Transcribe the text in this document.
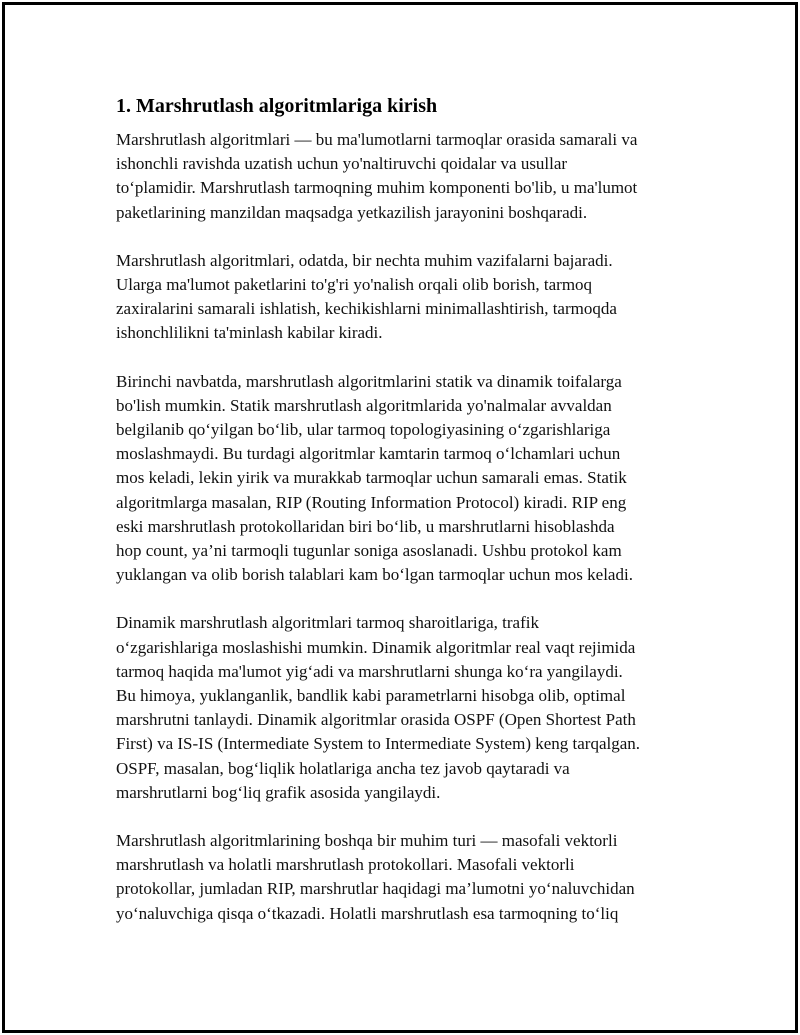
1. Marshrutlash algoritmlariga kirish

Marshrutlash algoritmlari — bu ma'lumotlarni tarmoqlar orasida samarali va
ishonchli ravishda uzatish uchun yo'naltiruvchi qoidalar va usullar
to‘plamidir. Marshrutlash tarmoqning muhim komponenti bo'lib, u ma'lumot
paketlarining manzildan maqsadga yetkazilish jarayonini boshqaradi.

Marshrutlash algoritmlari, odatda, bir nechta muhim vazifalarni bajaradi.
Ularga ma'lumot paketlarini to'g'ri yo'nalish orqali olib borish, tarmoq
zaxiralarini samarali ishlatish, kechikishlarni minimallashtirish, tarmoqda
ishonchlilikni ta'minlash kabilar kiradi.

Birinchi navbatda, marshrutlash algoritmlarini statik va dinamik toifalarga
bo'lish mumkin. Statik marshrutlash algoritmlarida yo'nalmalar avvaldan
belgilanib qo‘yilgan bo‘lib, ular tarmoq topologiyasining o‘zgarishlariga
moslashmaydi. Bu turdagi algoritmlar kamtarin tarmoq o‘lchamlari uchun
mos keladi, lekin yirik va murakkab tarmoqlar uchun samarali emas. Statik
algoritmlarga masalan, RIP (Routing Information Protocol) kiradi. RIP eng
eski marshrutlash protokollaridan biri bo‘lib, u marshrutlarni hisoblashda
hop count, ya’ni tarmoqli tugunlar soniga asoslanadi. Ushbu protokol kam
yuklangan va olib borish talablari kam bo‘lgan tarmoqlar uchun mos keladi.

Dinamik marshrutlash algoritmlari tarmoq sharoitlariga, trafik
o‘zgarishlariga moslashishi mumkin. Dinamik algoritmlar real vaqt rejimida
tarmoq haqida ma'lumot yig‘adi va marshrutlarni shunga ko‘ra yangilaydi.
Bu himoya, yuklanganlik, bandlik kabi parametrlarni hisobga olib, optimal
marshrutni tanlaydi. Dinamik algoritmlar orasida OSPF (Open Shortest Path
First) va IS-IS (Intermediate System to Intermediate System) keng tarqalgan.
OSPF, masalan, bog‘liqlik holatlariga ancha tez javob qaytaradi va
marshrutlarni bog‘liq grafik asosida yangilaydi.

Marshrutlash algoritmlarining boshqa bir muhim turi — masofali vektorli
marshrutlash va holatli marshrutlash protokollari. Masofali vektorli
protokollar, jumladan RIP, marshrutlar haqidagi ma’lumotni yo‘naluvchidan
yo‘naluvchiga qisqa o‘tkazadi. Holatli marshrutlash esa tarmoqning to‘liq
